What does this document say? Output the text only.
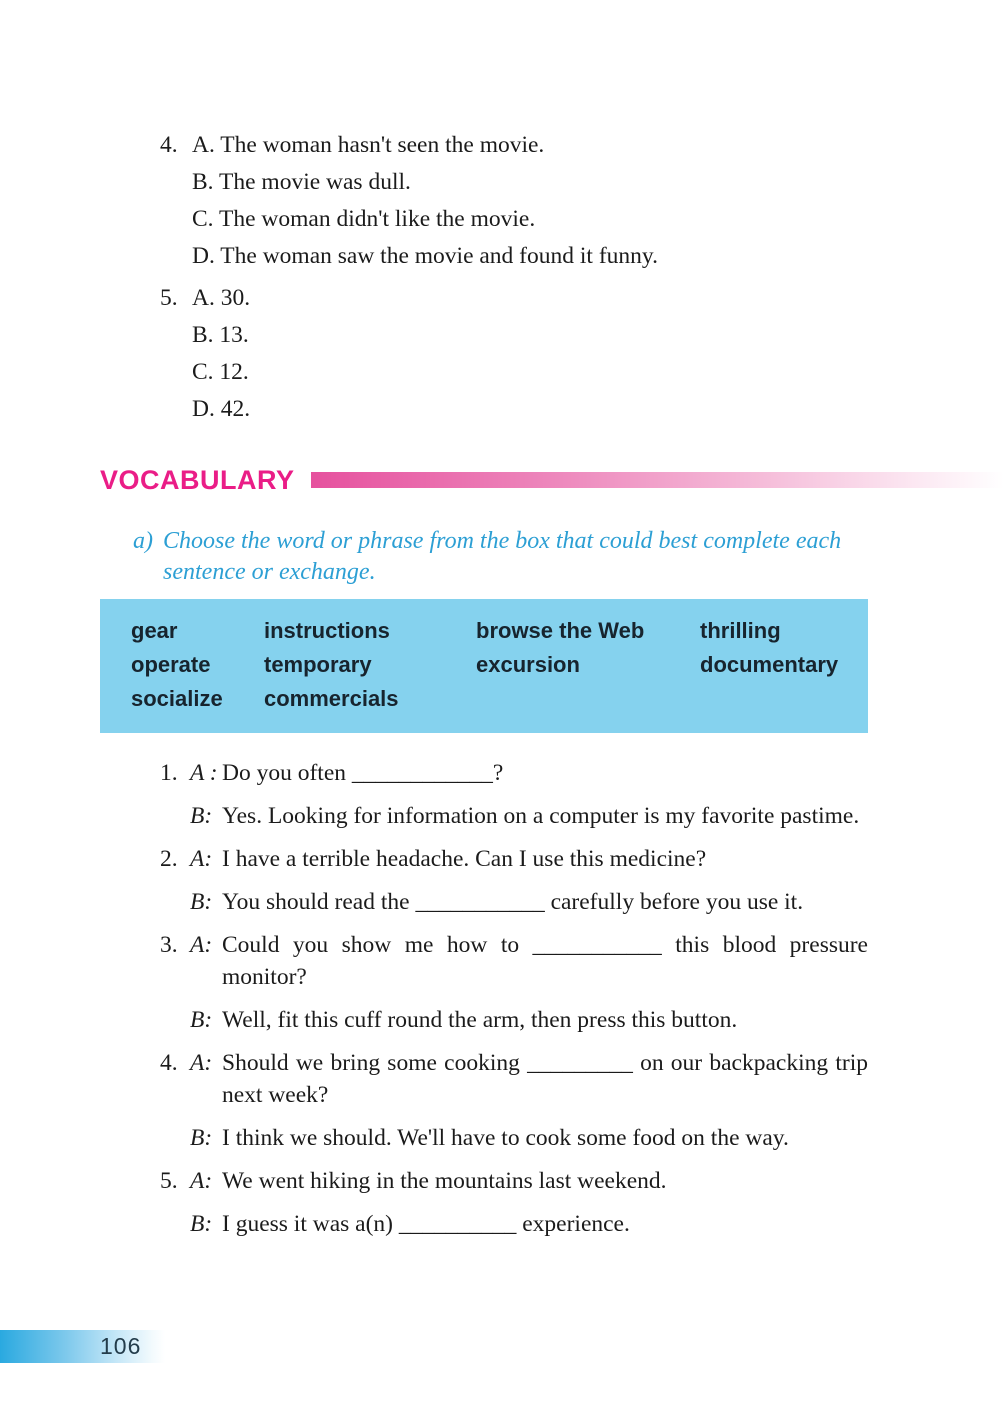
4. A. The woman hasn't seen the movie.
B. The movie was dull.
C. The woman didn't like the movie.
D. The woman saw the movie and found it funny.
5. A. 30.
B. 13.
C. 12.
D. 42.
VOCABULARY
a) Choose the word or phrase from the box that could best complete each sentence or exchange.
gear	instructions	browse the Web	thrilling
operate	temporary	excursion	documentary
socialize	commercials
1. A : Do you often ____________?
B: Yes. Looking for information on a computer is my favorite pastime.
2. A: I have a terrible headache. Can I use this medicine?
B: You should read the ___________ carefully before you use it.
3. A: Could you show me how to ___________ this blood pressure monitor?
B: Well, fit this cuff round the arm, then press this button.
4. A: Should we bring some cooking _________ on our backpacking trip next week?
B: I think we should. We'll have to cook some food on the way.
5. A: We went hiking in the mountains last weekend.
B: I guess it was a(n) __________ experience.
106
